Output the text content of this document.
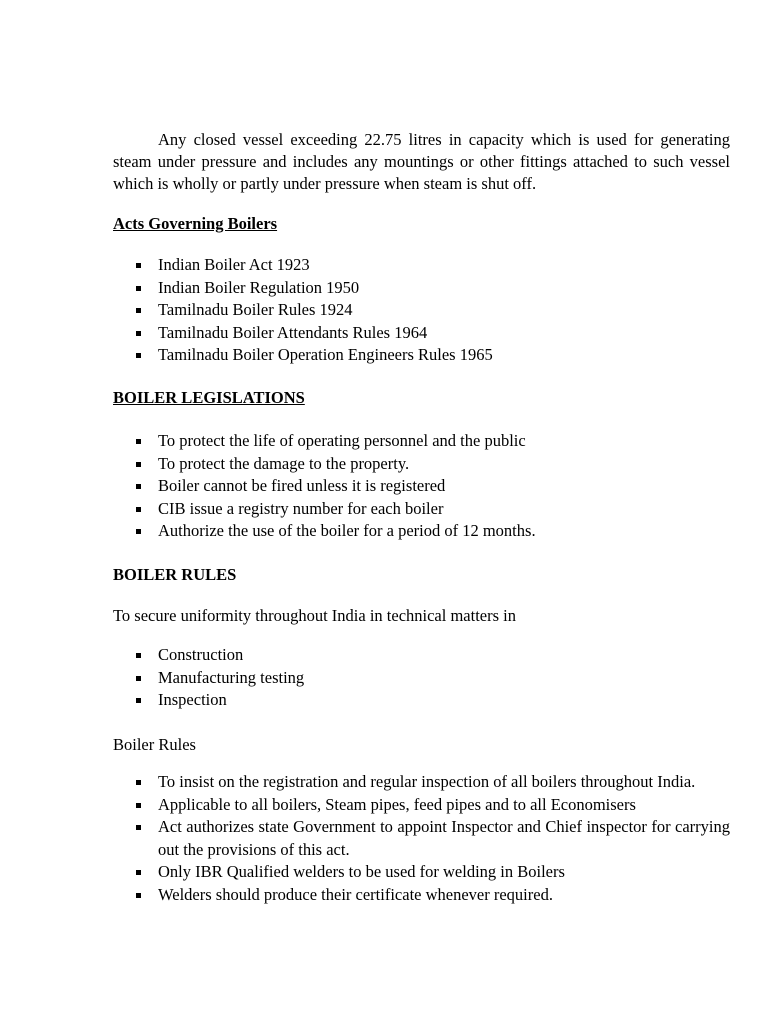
Any closed vessel exceeding 22.75 litres in capacity which is used for generating steam under pressure and includes any mountings or other fittings attached to such vessel which is wholly or partly under pressure when steam is shut off.

Acts Governing Boilers

Indian Boiler Act 1923
Indian Boiler Regulation 1950
Tamilnadu Boiler Rules 1924
Tamilnadu Boiler Attendants Rules 1964
Tamilnadu Boiler Operation Engineers Rules 1965

BOILER LEGISLATIONS

To protect the life of operating personnel and the public
To protect the damage to the property.
Boiler cannot be fired unless it is registered
CIB issue a registry number for each boiler
Authorize the use of the boiler for a period of 12 months.

BOILER RULES

To secure uniformity throughout India in technical matters in

Construction
Manufacturing testing
Inspection

Boiler Rules

To insist on the registration and regular inspection of all boilers throughout India.
Applicable to all boilers, Steam pipes, feed pipes and to all Economisers
Act authorizes state Government to appoint Inspector and Chief inspector for carrying out the provisions of this act.
Only IBR Qualified welders to be used for welding in Boilers
Welders should produce their certificate whenever required.
